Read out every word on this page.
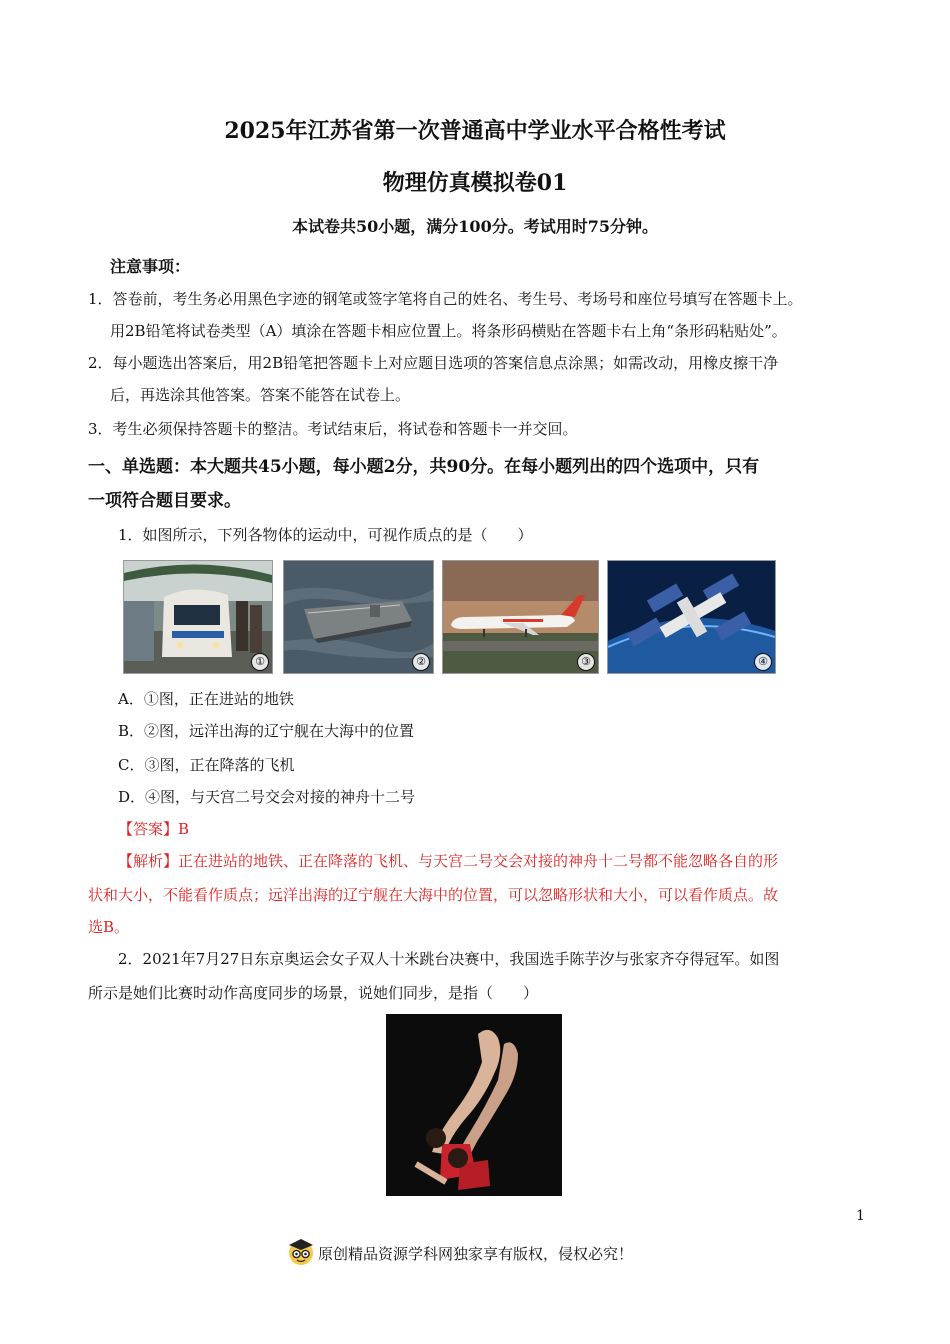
2025年江苏省第一次普通高中学业水平合格性考试
物理仿真模拟卷01
本试卷共50小题，满分100分。考试用时75分钟。
注意事项：
1．答卷前，考生务必用黑色字迹的钢笔或签字笔将自己的姓名、考生号、考场号和座位号填写在答题卡上。
用2B铅笔将试卷类型（A）填涂在答题卡相应位置上。将条形码横贴在答题卡右上角“条形码粘贴处”。
2．每小题选出答案后，用2B铅笔把答题卡上对应题目选项的答案信息点涂黑；如需改动，用橡皮擦干净
后，再选涂其他答案。答案不能答在试卷上。
3．考生必须保持答题卡的整洁。考试结束后，将试卷和答题卡一并交回。
一、单选题：本大题共45小题，每小题2分，共90分。在每小题列出的四个选项中，只有
一项符合题目要求。
1．如图所示，下列各物体的运动中，可视作质点的是（　　）
①	②	③	④
A．①图，正在进站的地铁
B．②图，远洋出海的辽宁舰在大海中的位置
C．③图，正在降落的飞机
D．④图，与天宫二号交会对接的神舟十二号
【答案】B
【解析】正在进站的地铁、正在降落的飞机、与天宫二号交会对接的神舟十二号都不能忽略各自的形
状和大小，不能看作质点；远洋出海的辽宁舰在大海中的位置，可以忽略形状和大小，可以看作质点。故
选B。
2．2021年7月27日东京奥运会女子双人十米跳台决赛中，我国选手陈芋汐与张家齐夺得冠军。如图
所示是她们比赛时动作高度同步的场景，说她们同步，是指（　　）
1
原创精品资源学科网独家享有版权，侵权必究！
